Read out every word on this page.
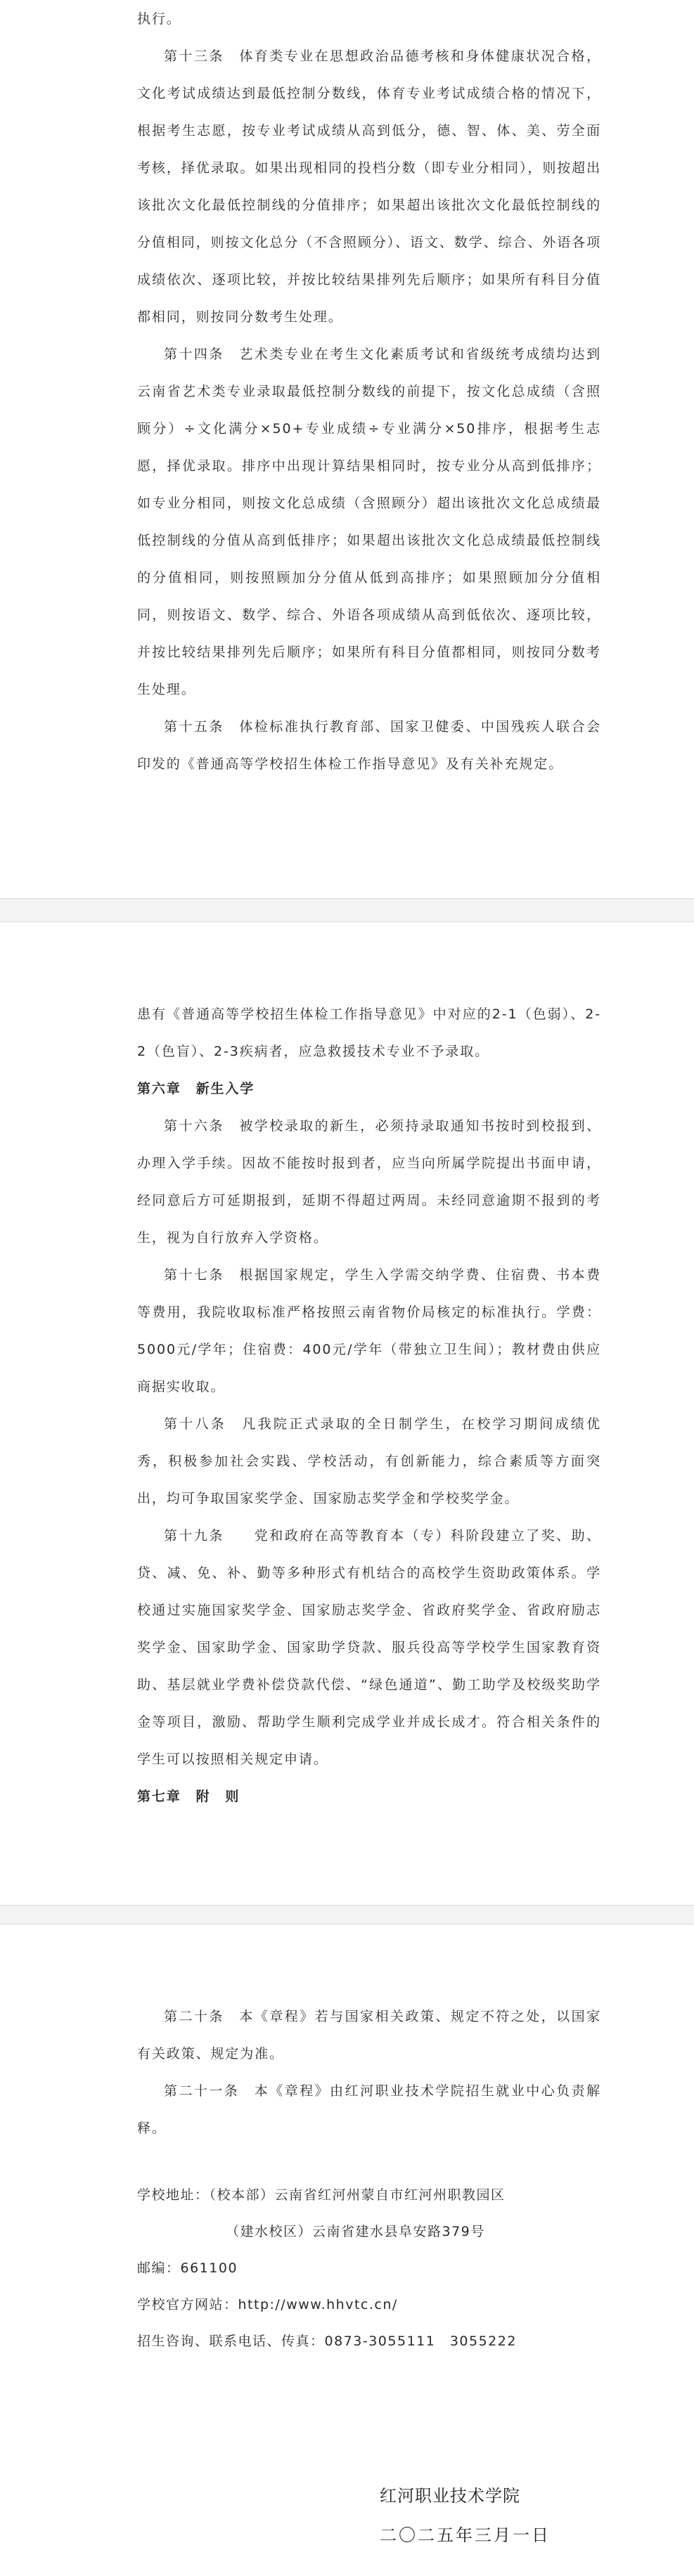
执行。

第十三条　体育类专业在思想政治品德考核和身体健康状况合格，文化考试成绩达到最低控制分数线，体育专业考试成绩合格的情况下，根据考生志愿，按专业考试成绩从高到低分，德、智、体、美、劳全面考核，择优录取。如果出现相同的投档分数（即专业分相同），则按超出该批次文化最低控制线的分值排序；如果超出该批次文化最低控制线的分值相同，则按文化总分（不含照顾分）、语文、数学、综合、外语各项成绩依次、逐项比较，并按比较结果排列先后顺序；如果所有科目分值都相同，则按同分数考生处理。

第十四条　艺术类专业在考生文化素质考试和省级统考成绩均达到云南省艺术类专业录取最低控制分数线的前提下，按文化总成绩（含照顾分）÷文化满分×50+专业成绩÷专业满分×50排序，根据考生志愿，择优录取。排序中出现计算结果相同时，按专业分从高到低排序；如专业分相同，则按文化总成绩（含照顾分）超出该批次文化总成绩最低控制线的分值从高到低排序；如果超出该批次文化总成绩最低控制线的分值相同，则按照顾加分分值从低到高排序；如果照顾加分分值相同，则按语文、数学、综合、外语各项成绩从高到低依次、逐项比较，并按比较结果排列先后顺序；如果所有科目分值都相同，则按同分数考生处理。

第十五条　体检标准执行教育部、国家卫健委、中国残疾人联合会印发的《普通高等学校招生体检工作指导意见》及有关补充规定。

患有《普通高等学校招生体检工作指导意见》中对应的2-1（色弱）、2-2（色盲）、2-3疾病者，应急救援技术专业不予录取。

第六章　新生入学

第十六条　被学校录取的新生，必须持录取通知书按时到校报到、办理入学手续。因故不能按时报到者，应当向所属学院提出书面申请，经同意后方可延期报到，延期不得超过两周。未经同意逾期不报到的考生，视为自行放弃入学资格。

第十七条　根据国家规定，学生入学需交纳学费、住宿费、书本费等费用，我院收取标准严格按照云南省物价局核定的标准执行。学费：5000元/学年；住宿费：400元/学年（带独立卫生间）；教材费由供应商据实收取。

第十八条　凡我院正式录取的全日制学生，在校学习期间成绩优秀，积极参加社会实践、学校活动，有创新能力，综合素质等方面突出，均可争取国家奖学金、国家励志奖学金和学校奖学金。

第十九条　　党和政府在高等教育本（专）科阶段建立了奖、助、贷、减、免、补、勤等多种形式有机结合的高校学生资助政策体系。学校通过实施国家奖学金、国家励志奖学金、省政府奖学金、省政府励志奖学金、国家助学金、国家助学贷款、服兵役高等学校学生国家教育资助、基层就业学费补偿贷款代偿、“绿色通道”、勤工助学及校级奖助学金等项目，激励、帮助学生顺利完成学业并成长成才。符合相关条件的学生可以按照相关规定申请。

第七章　附　则

第二十条　本《章程》若与国家相关政策、规定不符之处，以国家有关政策、规定为准。

第二十一条　本《章程》由红河职业技术学院招生就业中心负责解释。

学校地址：（校本部）云南省红河州蒙自市红河州职教园区

（建水校区）云南省建水县阜安路379号

邮编：661100

学校官方网站：http://www.hhvtc.cn/

招生咨询、联系电话、传真：0873-3055111　3055222

红河职业技术学院

二〇二五年三月一日
